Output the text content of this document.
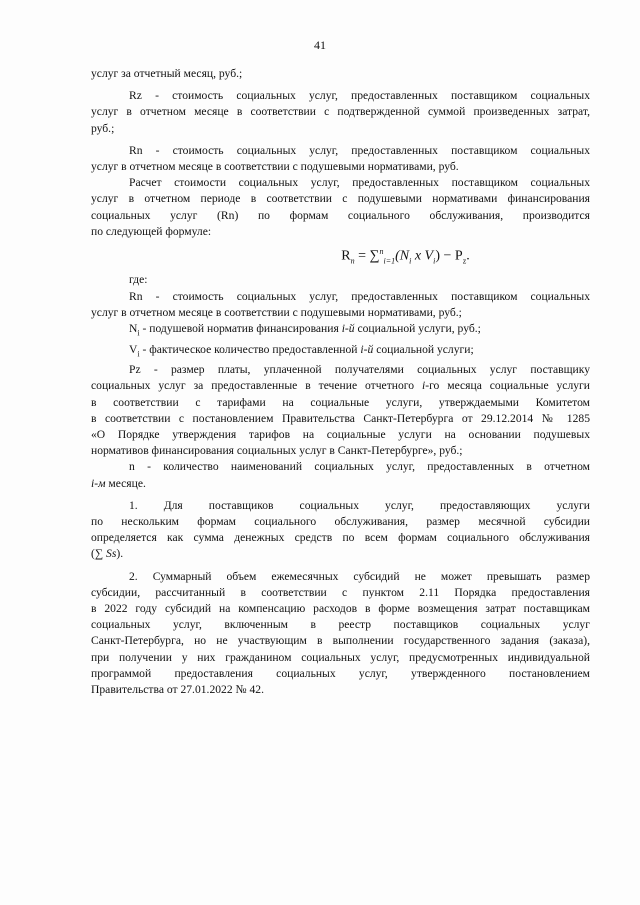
41

услуг за отчетный месяц, руб.;

Rz - стоимость социальных услуг, предоставленных поставщиком социальных
услуг в отчетном месяце в соответствии с подтвержденной суммой произведенных затрат,
руб.;

Rn - стоимость социальных услуг, предоставленных поставщиком социальных
услуг в отчетном месяце в соответствии с подушевыми нормативами, руб.

Расчет стоимости социальных услуг, предоставленных поставщиком социальных
услуг в отчетном периоде в соответствии с подушевыми нормативами финансирования
социальных услуг (Rn) по формам социального обслуживания, производится
по следующей формуле:

$R_n = \sum^n_{i=1}(N_i$ x $V_i) - P_z$.

где:

Rn - стоимость социальных услуг, предоставленных поставщиком социальных
услуг в отчетном месяце в соответствии с подушевыми нормативами, руб.;

$N_i$ - подушевой норматив финансирования i-й социальной услуги, руб.;

$V_i$ - фактическое количество предоставленной i-й социальной услуги;

Pz - размер платы, уплаченной получателями социальных услуг поставщику
социальных услуг за предоставленные в течение отчетного i-го месяца социальные услуги
в соответствии с тарифами на социальные услуги, утверждаемыми Комитетом
в соответствии с постановлением Правительства Санкт-Петербурга от 29.12.2014 № 1285
«О Порядке утверждения тарифов на социальные услуги на основании подушевых
нормативов финансирования социальных услуг в Санкт-Петербурге», руб.;

n - количество наименований социальных услуг, предоставленных в отчетном
i-м месяце.

1. Для поставщиков социальных услуг, предоставляющих услуги
по нескольким формам социального обслуживания, размер месячной субсидии
определяется как сумма денежных средств по всем формам социального обслуживания
(∑ Ss).

2. Суммарный объем ежемесячных субсидий не может превышать размер
субсидии, рассчитанный в соответствии с пунктом 2.11 Порядка предоставления
в 2022 году субсидий на компенсацию расходов в форме возмещения затрат поставщикам
социальных услуг, включенным в реестр поставщиков социальных услуг
Санкт-Петербурга, но не участвующим в выполнении государственного задания (заказа),
при получении у них гражданином социальных услуг, предусмотренных индивидуальной
программой предоставления социальных услуг, утвержденного постановлением
Правительства от 27.01.2022 № 42.
